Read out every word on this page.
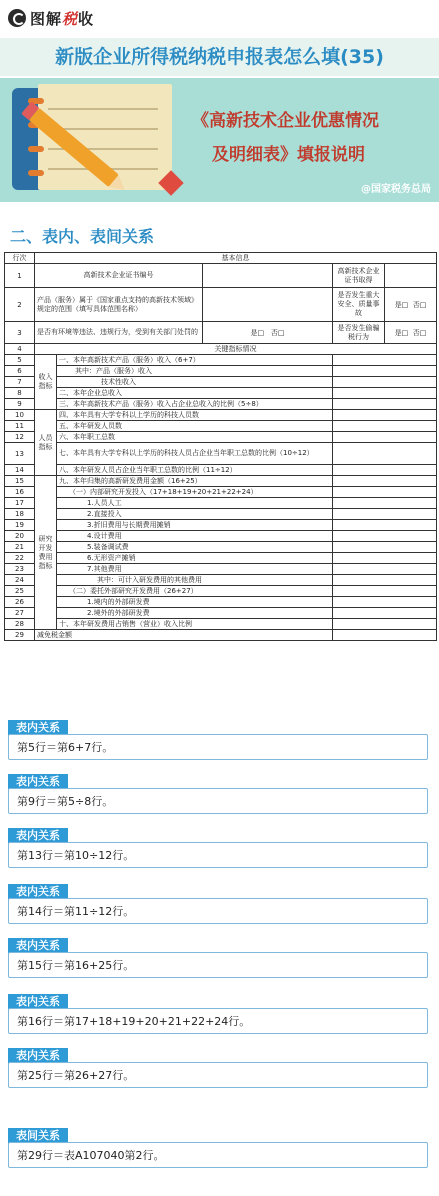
图解税收
新版企业所得税纳税申报表怎么填(35)
《高新技术企业优惠情况
及明细表》填报说明
@国家税务总局
二、表内、表间关系
行次	基本信息				
1	高新技术企业证书编号			高新技术企业证书取得	
2	产品（服务）属于《国家重点支持的高新技术领域》规定的范围（填写具体范围名称）			是否发生重大安全、质量事故	是□ 否□
3	是否有环境等违法、违规行为，受到有关部门处罚的		是□ 否□	是否发生偷骗税行为	是□ 否□
4	关键指标情况				
5	收入指标	一、本年高新技术产品（服务）收入（6+7）			
6		其中：产品（服务）收入			
7		技术性收入			
8		二、本年企业总收入			
9		三、本年高新技术产品（服务）收入占企业总收入的比例（5÷8）			
10	人员指标	四、本年具有大学专科以上学历的科技人员数			
11		五、本年研发人员数			
12		六、本年职工总数			
13		七、本年具有大学专科以上学历的科技人员占企业当年职工总数的比例（10÷12）			
14		八、本年研发人员占企业当年职工总数的比例（11÷12）			
15	研究开发费用指标	九、本年归集的高新研发费用金额（16+25）			
16		（一）内部研究开发投入（17+18+19+20+21+22+24）			
17		1.人员人工			
18		2.直接投入			
19		3.折旧费用与长期费用摊销			
20		4.设计费用			
21		5.装备调试费			
22		6.无形资产摊销			
23		7.其他费用			
24		其中：可计入研发费用的其他费用			
25		（二）委托外部研究开发费用（26+27）			
26		1.境内的外部研发费			
27		2.境外的外部研发费			
28		十、本年研发费用占销售（营业）收入比例			
29	减免税金额				
表内关系
第5行＝第6+7行。
表内关系
第9行＝第5÷8行。
表内关系
第13行＝第10÷12行。
表内关系
第14行＝第11÷12行。
表内关系
第15行＝第16+25行。
表内关系
第16行＝第17+18+19+20+21+22+24行。
表内关系
第25行＝第26+27行。
表间关系
第29行＝表A107040第2行。
